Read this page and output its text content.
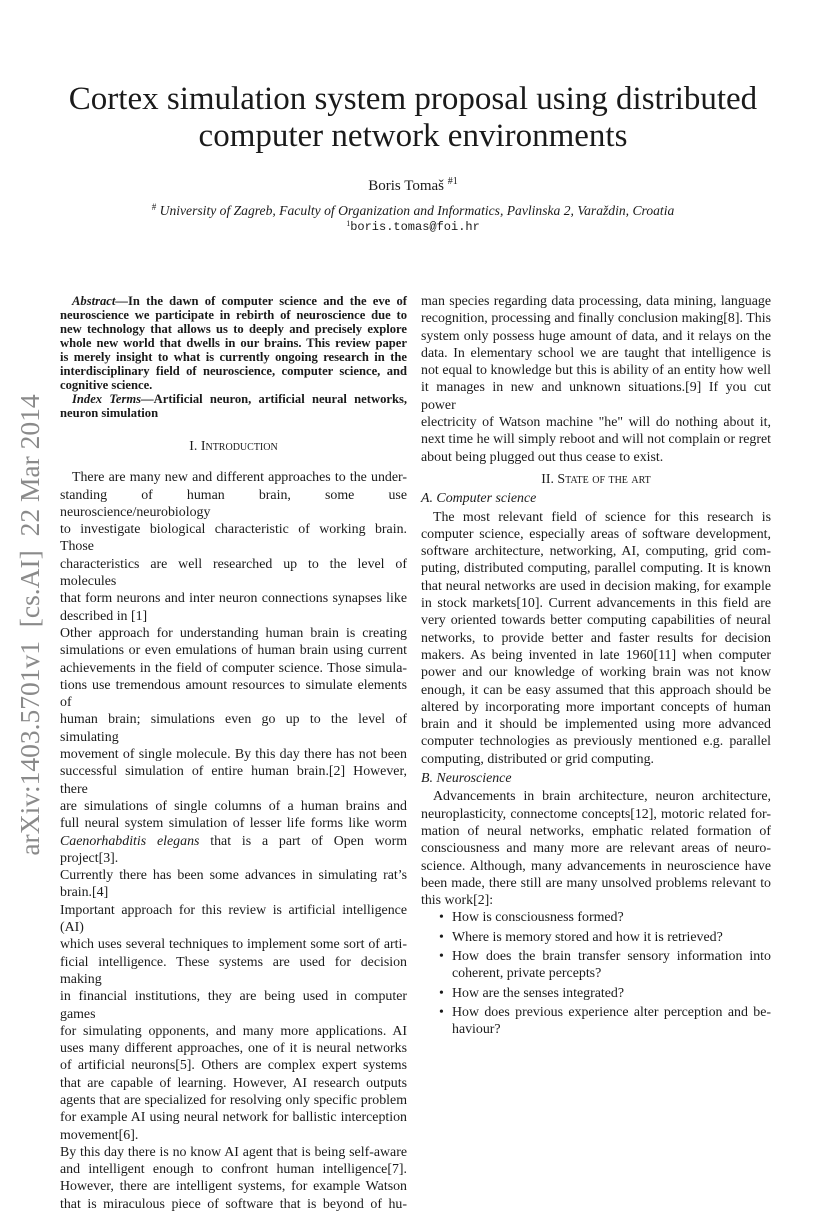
Cortex simulation system proposal using distributed
computer network environments
Boris Tomaš $^{\#1}$
# University of Zagreb, Faculty of Organization and Informatics, Pavlinska 2, Varaždin, Croatia
$^1$boris.tomas@foi.hr
arXiv:1403.5701v1  [cs.AI]  22 Mar 2014
Abstract—In the dawn of computer science and the eve of
neuroscience we participate in rebirth of neuroscience due to
new technology that allows us to deeply and precisely explore
whole new world that dwells in our brains. This review paper
is merely insight to what is currently ongoing research in the
interdisciplinary field of neuroscience, computer science, and
cognitive science.
Index Terms—Artificial neuron, artificial neural networks,
neuron simulation
I. Introduction
There are many new and different approaches to the under-
standing of human brain, some use neuroscience/neurobiology
to investigate biological characteristic of working brain. Those
characteristics are well researched up to the level of molecules
that form neurons and inter neuron connections synapses like
described in [1]
Other approach for understanding human brain is creating
simulations or even emulations of human brain using current
achievements in the field of computer science. Those simula-
tions use tremendous amount resources to simulate elements of
human brain; simulations even go up to the level of simulating
movement of single molecule. By this day there has not been
successful simulation of entire human brain.[2] However, there
are simulations of single columns of a human brains and
full neural system simulation of lesser life forms like worm
Caenorhabditis elegans that is a part of Open worm project[3].
Currently there has been some advances in simulating rat’s
brain.[4]
Important approach for this review is artificial intelligence (AI)
which uses several techniques to implement some sort of arti-
ficial intelligence. These systems are used for decision making
in financial institutions, they are being used in computer games
for simulating opponents, and many more applications. AI
uses many different approaches, one of it is neural networks
of artificial neurons[5]. Others are complex expert systems
that are capable of learning. However, AI research outputs
agents that are specialized for resolving only specific problem
for example AI using neural network for ballistic interception
movement[6].
By this day there is no know AI agent that is being self-aware
and intelligent enough to confront human intelligence[7].
However, there are intelligent systems, for example Watson
that is miraculous piece of software that is beyond of hu-
man species regarding data processing, data mining, language
recognition, processing and finally conclusion making[8]. This
system only possess huge amount of data, and it relays on the
data. In elementary school we are taught that intelligence is
not equal to knowledge but this is ability of an entity how well
it manages in new and unknown situations.[9] If you cut power
electricity of Watson machine "he" will do nothing about it,
next time he will simply reboot and will not complain or regret
about being plugged out thus cease to exist.
II. State of the art
A. Computer science
The most relevant field of science for this research is
computer science, especially areas of software development,
software architecture, networking, AI, computing, grid com-
puting, distributed computing, parallel computing. It is known
that neural networks are used in decision making, for example
in stock markets[10]. Current advancements in this field are
very oriented towards better computing capabilities of neural
networks, to provide better and faster results for decision
makers. As being invented in late 1960[11] when computer
power and our knowledge of working brain was not know
enough, it can be easy assumed that this approach should be
altered by incorporating more important concepts of human
brain and it should be implemented using more advanced
computer technologies as previously mentioned e.g. parallel
computing, distributed or grid computing.
B. Neuroscience
Advancements in brain architecture, neuron architecture,
neuroplasticity, connectome concepts[12], motoric related for-
mation of neural networks, emphatic related formation of
consciousness and many more are relevant areas of neuro-
science. Although, many advancements in neuroscience have
been made, there still are many unsolved problems relevant to
this work[2]:
• How is consciousness formed?
• Where is memory stored and how it is retrieved?
• How does the brain transfer sensory information into
coherent, private percepts?
• How are the senses integrated?
• How does previous experience alter perception and be-
haviour?
